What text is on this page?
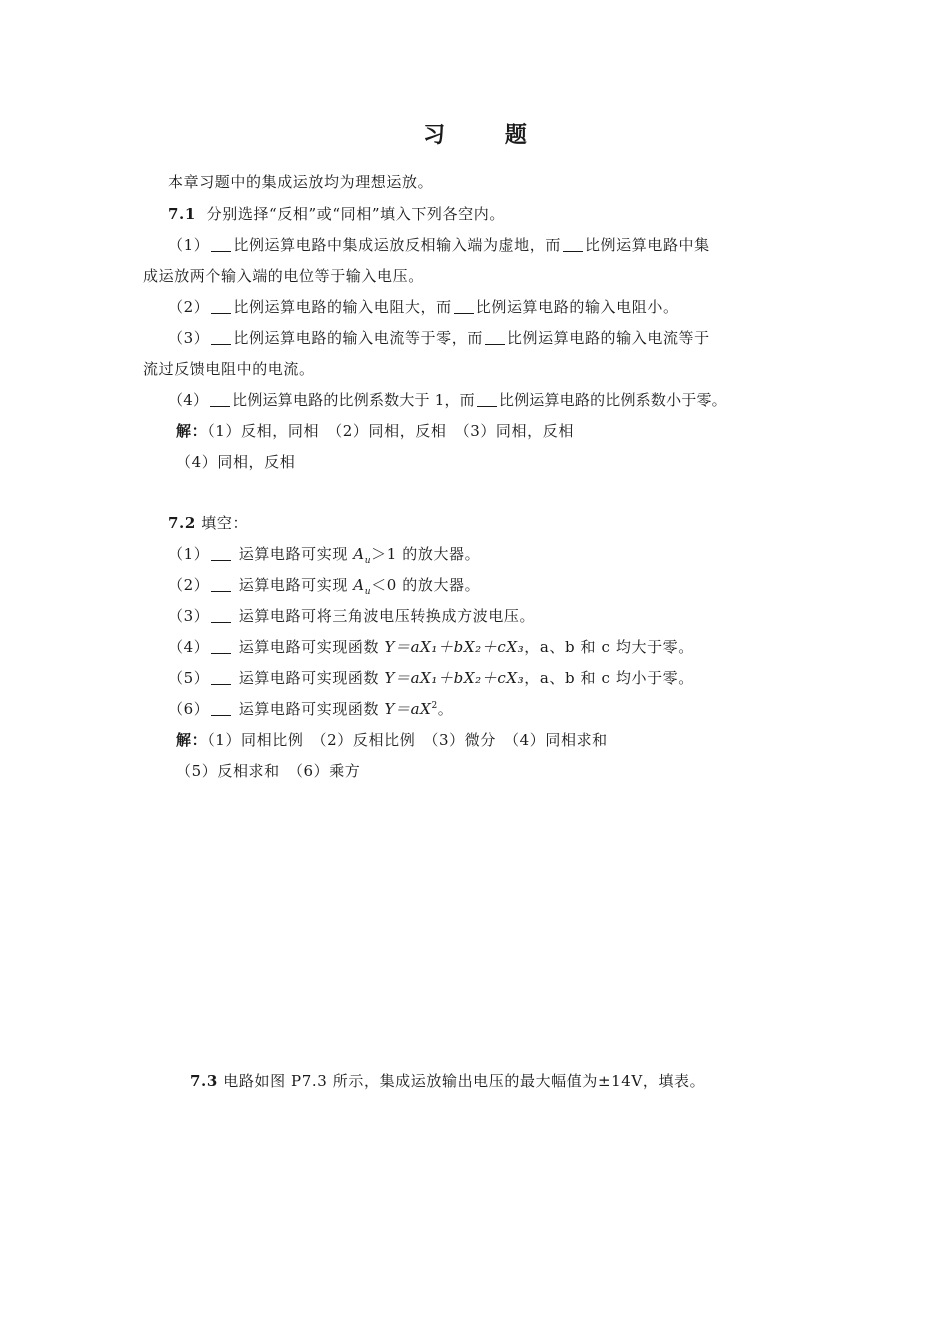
习 题
本章习题中的集成运放均为理想运放。
7.1 分别选择“反相”或“同相”填入下列各空内。
（1） 比例运算电路中集成运放反相输入端为虚地，而 比例运算电路中集
成运放两个输入端的电位等于输入电压。
（2） 比例运算电路的输入电阻大，而 比例运算电路的输入电阻小。
（3） 比例运算电路的输入电流等于零，而 比例运算电路的输入电流等于
流过反馈电阻中的电流。
（4） 比例运算电路的比例系数大于 1，而 比例运算电路的比例系数小于零。
解：（1）反相，同相　（2）同相，反相　（3）同相，反相
（4）同相，反相
7.2 填空：
（1） 运算电路可实现 $A_u>1$ 的放大器。
（2） 运算电路可实现 $A_u<0$ 的放大器。
（3） 运算电路可将三角波电压转换成方波电压。
（4） 运算电路可实现函数 Y＝aX₁＋bX₂＋cX₃，a、b 和 c 均大于零。
（5） 运算电路可实现函数 Y＝aX₁＋bX₂＋cX₃，a、b 和 c 均小于零。
（6） 运算电路可实现函数 $Y=aX^2$。
解：（1）同相比例　（2）反相比例　（3）微分　（4）同相求和
（5）反相求和　（6）乘方
7.3 电路如图 P7.3 所示，集成运放输出电压的最大幅值为±14V，填表。
